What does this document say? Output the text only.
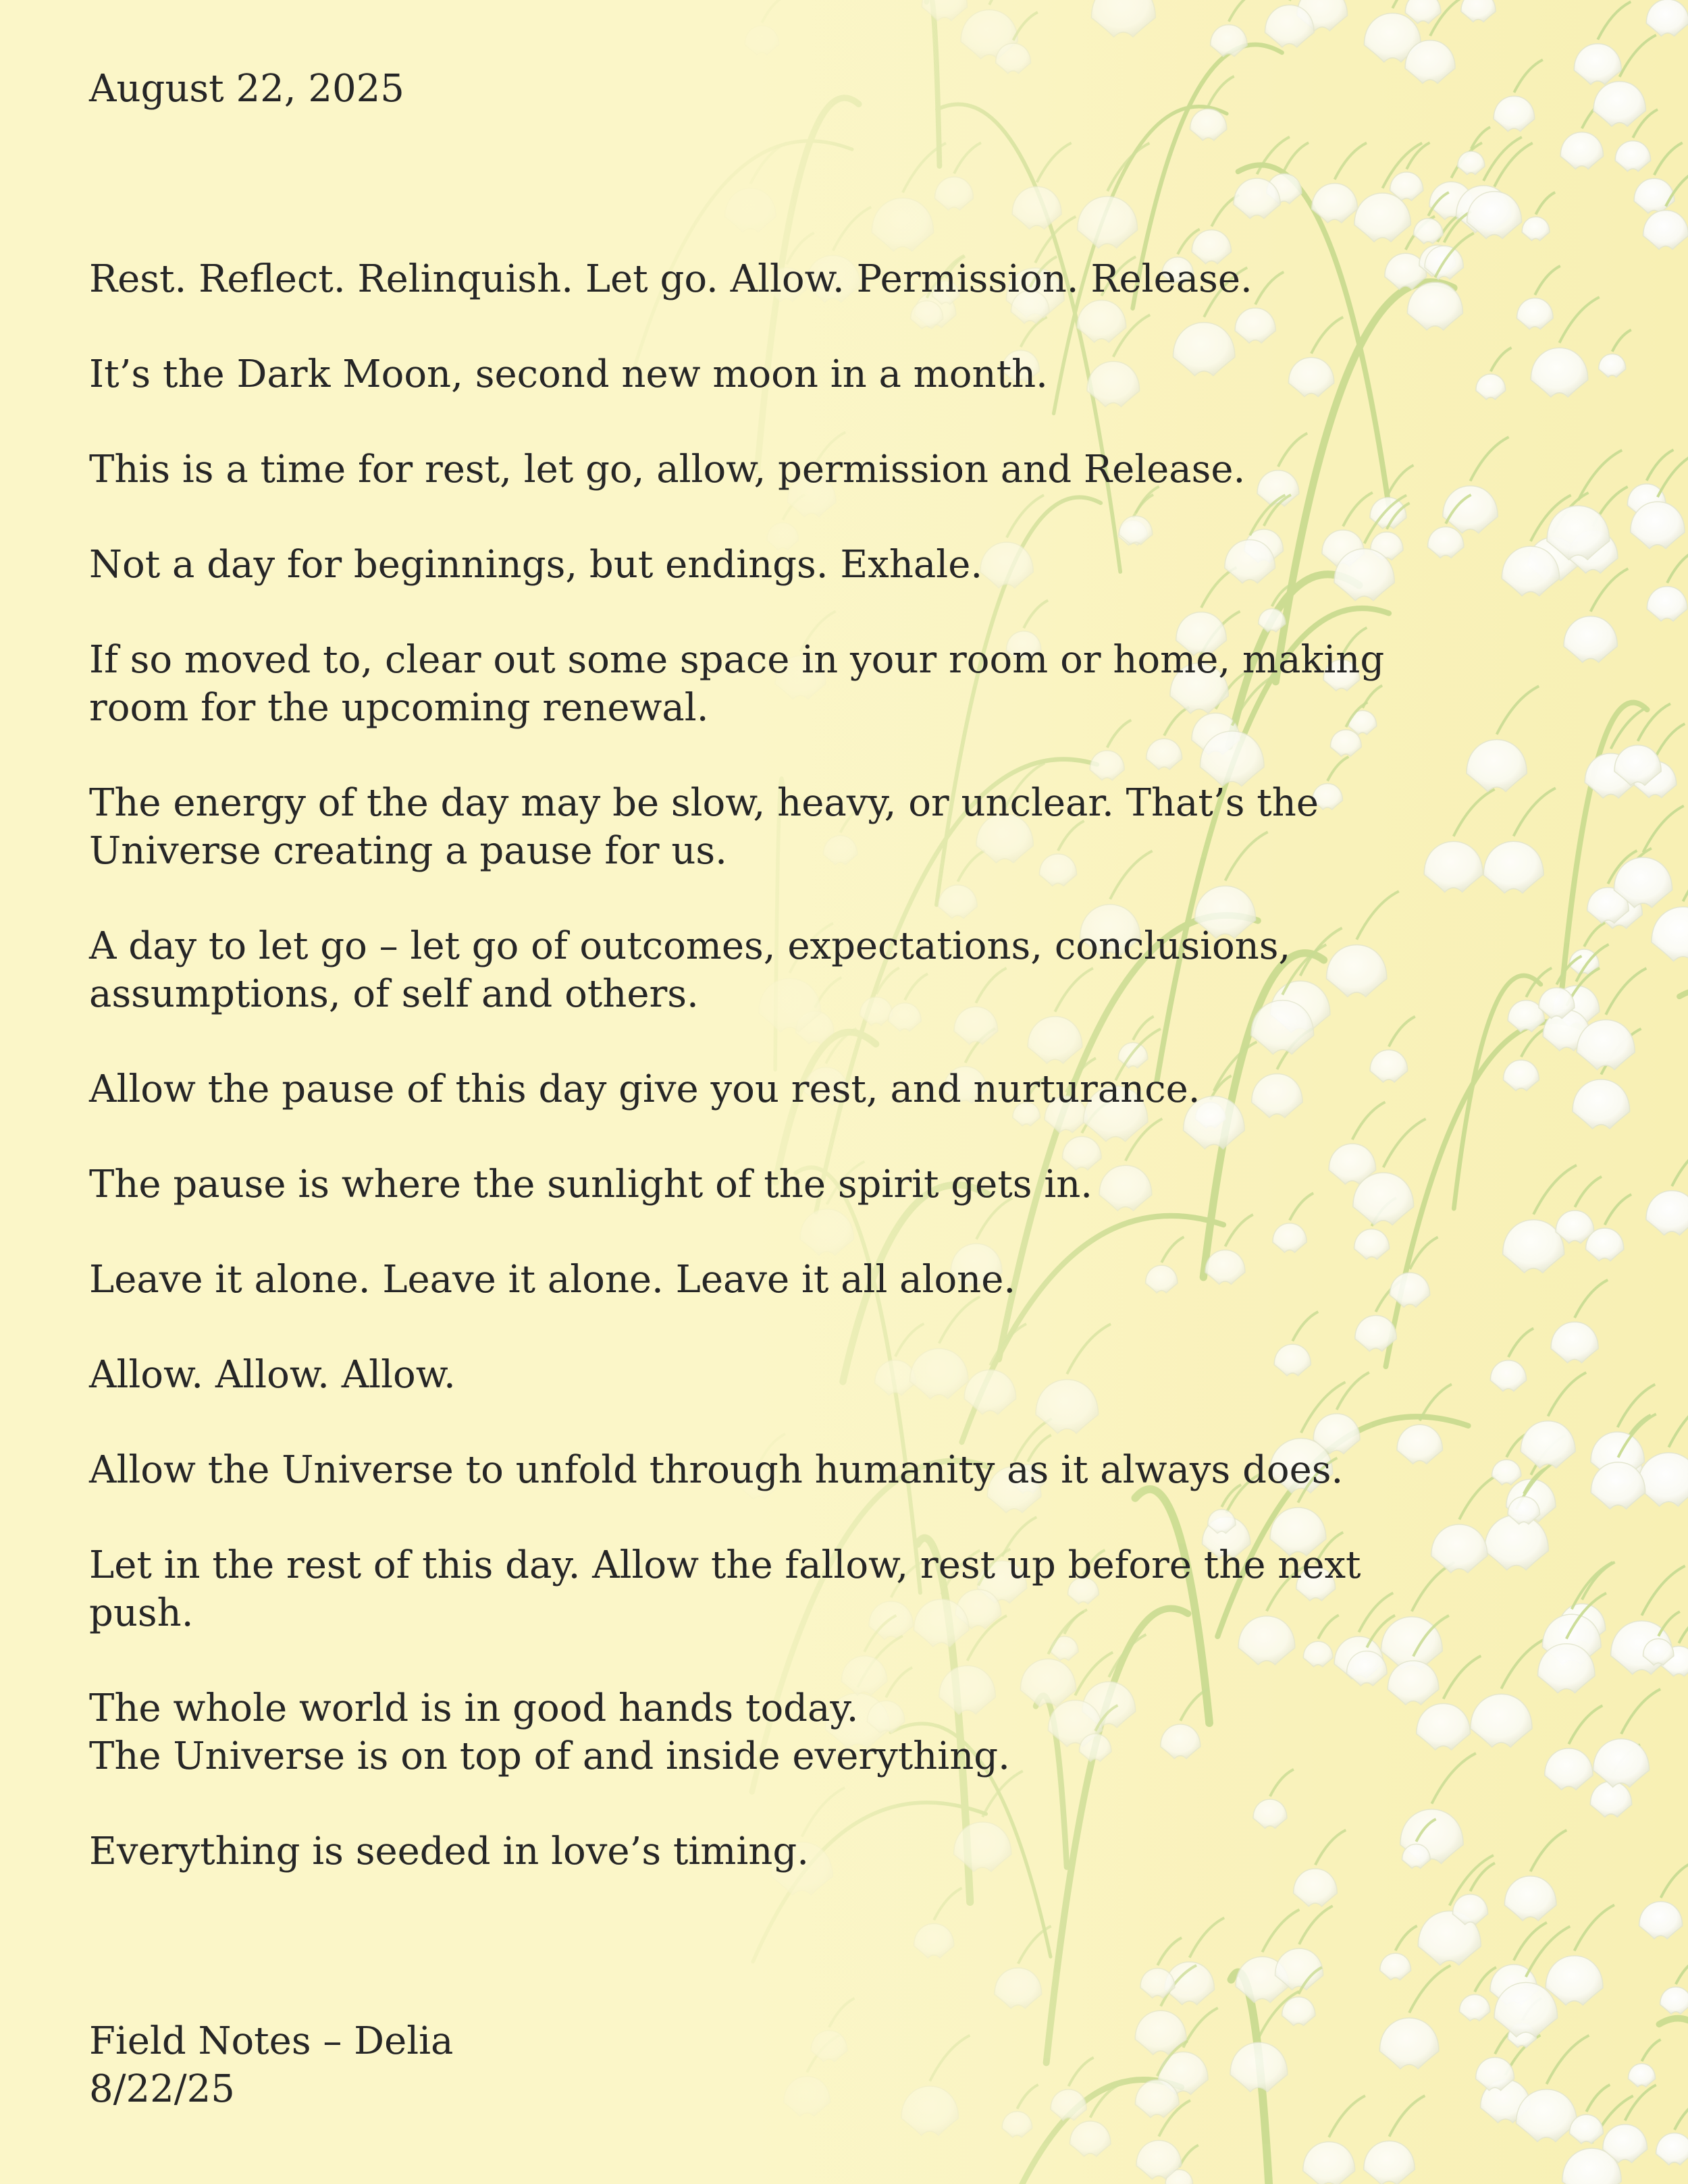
August 22, 2025
Rest. Reflect. Relinquish. Let go. Allow. Permission. Release.
It’s the Dark Moon, second new moon in a month.
This is a time for rest, let go, allow, permission and Release.
Not a day for beginnings, but endings. Exhale.
If so moved to, clear out some space in your room or home, making
room for the upcoming renewal.
The energy of the day may be slow, heavy, or unclear. That’s the
Universe creating a pause for us.
A day to let go – let go of outcomes, expectations, conclusions,
assumptions, of self and others.
Allow the pause of this day give you rest, and nurturance.
The pause is where the sunlight of the spirit gets in.
Leave it alone. Leave it alone. Leave it all alone.
Allow. Allow. Allow.
Allow the Universe to unfold through humanity as it always does.
Let in the rest of this day. Allow the fallow, rest up before the next
push.
The whole world is in good hands today.
The Universe is on top of and inside everything.
Everything is seeded in love’s timing.
Field Notes – Delia
8/22/25
